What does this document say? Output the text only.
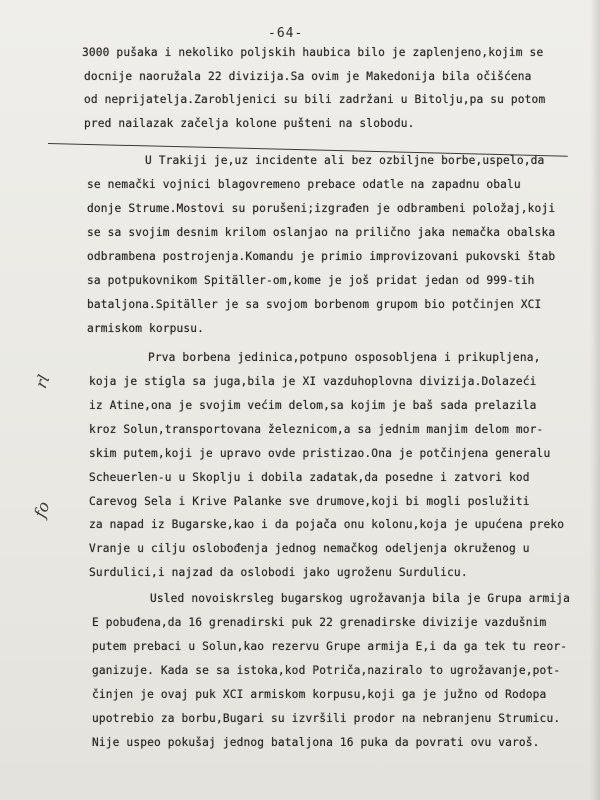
-64-
rl
fo
3000 pušaka i nekoliko poljskih haubica bilo je zaplenjeno,kojim se
docnije naoružala 22 divizija.Sa ovim je Makedonija bila očišćena
od neprijatelja.Zarobljenici su bili zadržani u Bitolju,pa su potom
pred nailazak začelja kolone pušteni na slobodu.
U Trakiji je,uz incidente ali bez ozbiljne borbe,uspelo,da
se nemački vojnici blagovremeno prebace odatle na zapadnu obalu
donje Strume.Mostovi su porušeni;izgrađen je odbrambeni položaj,koji
se sa svojim desnim krilom oslanjao na prilično jaka nemačka obalska
odbrambena postrojenja.Komandu je primio improvizovani pukovski štab
sa potpukovnikom Spitäller-om,kome je još pridat jedan od 999-tih
bataljona.Spitäller je sa svojom borbenom grupom bio potčinjen XCI
armiskom korpusu.
Prva borbena jedinica,potpuno osposobljena i prikupljena,
koja je stigla sa juga,bila je XI vazduhoplovna divizija.Dolazeći
iz Atine,ona je svojim većim delom,sa kojim je baš sada prelazila
kroz Solun,transportovana železnicom,a sa jednim manjim delom mor-
skim putem,koji je upravo ovde pristizao.Ona je potčinjena generalu
Scheuerlen-u u Skoplju i dobila zadatak,da posedne i zatvori kod
Carevog Sela i Krive Palanke sve drumove,koji bi mogli poslužiti
za napad iz Bugarske,kao i da pojača onu kolonu,koja je upućena preko
Vranje u cilju oslobođenja jednog nemačkog odeljenja okruženog u
Surdulici,i najzad da oslobodi jako ugroženu Surdulicu.
Usled novoiskrsleg bugarskog ugrožavanja bila je Grupa armija
E pobuđena,da 16 grenadirski puk 22 grenadirske divizije vazdušnim
putem prebaci u Solun,kao rezervu Grupe armija E,i da ga tek tu reor-
ganizuje. Kada se sa istoka,kod Potriča,naziralo to ugrožavanje,pot-
činjen je ovaj puk XCI armiskom korpusu,koji ga je južno od Rodopa
upotrebio za borbu,Bugari su izvršili prodor na nebranjenu Strumicu.
Nije uspeo pokušaj jednog bataljona 16 puka da povrati ovu varoš.
